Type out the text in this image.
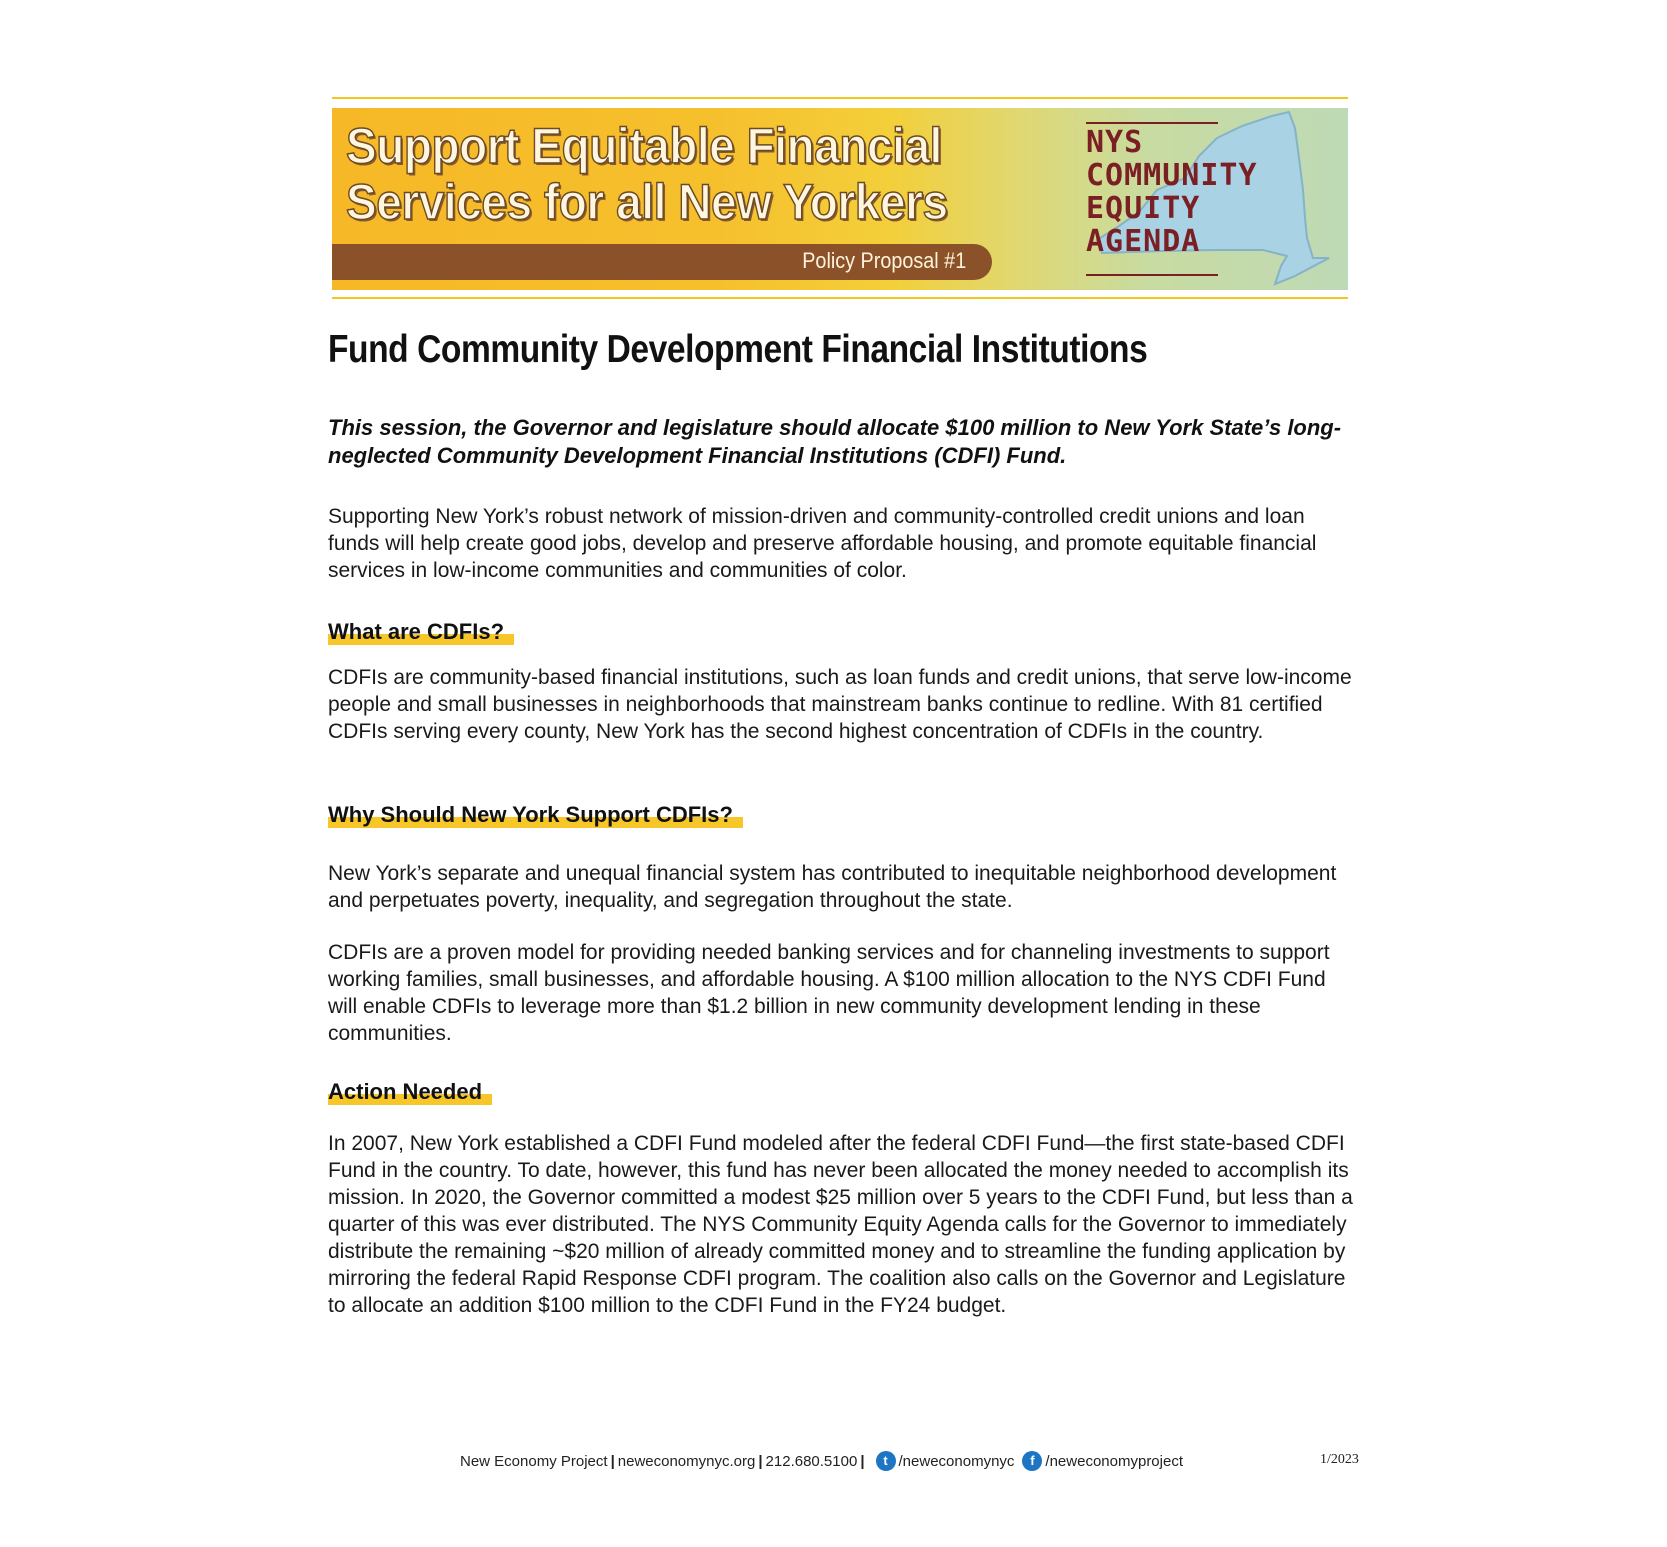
Support Equitable Financial
Services for all New Yorkers
Policy Proposal #1
NYS
COMMUNITY
EQUITY
AGENDA
Fund Community Development Financial Institutions
This session, the Governor and legislature should allocate $100 million to New York State’s long-neglected Community Development Financial Institutions (CDFI) Fund.
Supporting New York’s robust network of mission-driven and community-controlled credit unions and loan funds will help create good jobs, develop and preserve affordable housing, and promote equitable financial services in low-income communities and communities of color.
What are CDFIs?
CDFIs are community-based financial institutions, such as loan funds and credit unions, that serve low-income people and small businesses in neighborhoods that mainstream banks continue to redline. With 81 certified CDFIs serving every county, New York has the second highest concentration of CDFIs in the country.
Why Should New York Support CDFIs?
New York’s separate and unequal financial system has contributed to inequitable neighborhood development and perpetuates poverty, inequality, and segregation throughout the state.
CDFIs are a proven model for providing needed banking services and for channeling investments to support working families, small businesses, and affordable housing. A $100 million allocation to the NYS CDFI Fund will enable CDFIs to leverage more than $1.2 billion in new community development lending in these communities.
Action Needed
In 2007, New York established a CDFI Fund modeled after the federal CDFI Fund—the first state-based CDFI Fund in the country. To date, however, this fund has never been allocated the money needed to accomplish its mission. In 2020, the Governor committed a modest $25 million over 5 years to the CDFI Fund, but less than a quarter of this was ever distributed. The NYS Community Equity Agenda calls for the Governor to immediately distribute the remaining ~$20 million of already committed money and to streamline the funding application by mirroring the federal Rapid Response CDFI program. The coalition also calls on the Governor and Legislature to allocate an addition $100 million to the CDFI Fund in the FY24 budget.
New Economy Project | neweconomynyc.org | 212.680.5100 |	t /neweconomynyc	f /neweconomyproject	1/2023
